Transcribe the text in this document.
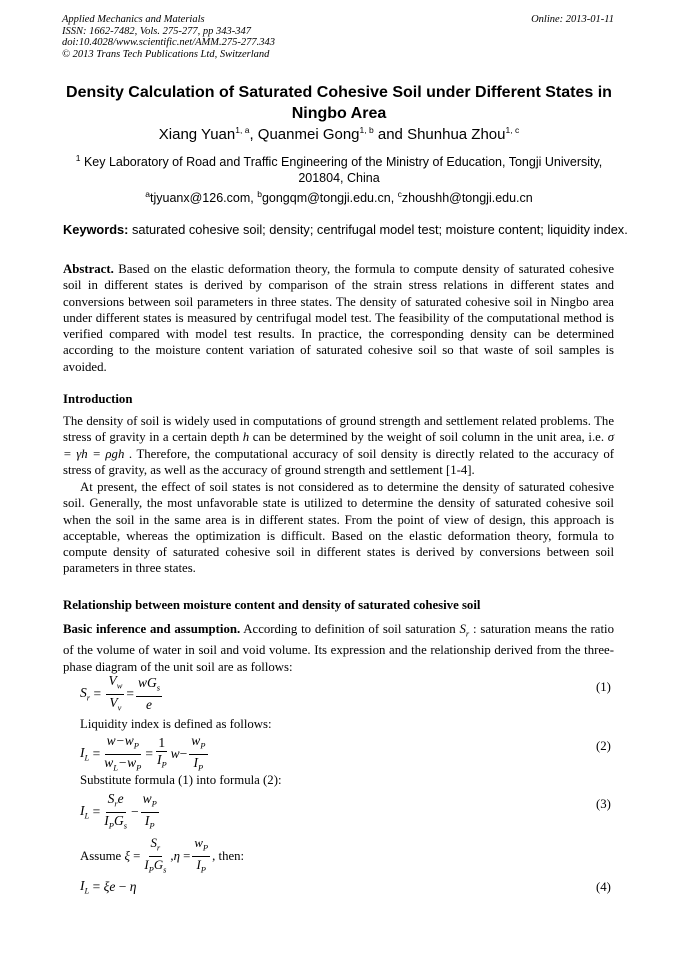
Applied Mechanics and Materials
ISSN: 1662-7482, Vols. 275-277, pp 343-347
doi:10.4028/www.scientific.net/AMM.275-277.343
© 2013 Trans Tech Publications Ltd, Switzerland
Online: 2013-01-11
Density Calculation of Saturated Cohesive Soil under Different States in Ningbo Area
Xiang Yuan$^{1, a}$, Quanmei Gong$^{1, b}$ and Shunhua Zhou$^{1, c}$
$^1$ Key Laboratory of Road and Traffic Engineering of the Ministry of Education, Tongji University, 201804, China
$^a$tjyuanx@126.com, $^b$gongqm@tongji.edu.cn, $^c$zhoushh@tongji.edu.cn
Keywords: saturated cohesive soil; density; centrifugal model test; moisture content; liquidity index.
Abstract. Based on the elastic deformation theory, the formula to compute density of saturated cohesive soil in different states is derived by comparison of the strain stress relations in different states and conversions between soil parameters in three states. The density of saturated cohesive soil in Ningbo area under different states is measured by centrifugal model test. The feasibility of the computational method is verified compared with model test results. In practice, the corresponding density can be determined according to the moisture content variation of saturated cohesive soil so that waste of soil samples is avoided.
Introduction
The density of soil is widely used in computations of ground strength and settlement related problems. The stress of gravity in a certain depth h can be determined by the weight of soil column in the unit area, i.e. σ = γh = ρgh . Therefore, the computational accuracy of soil density is directly related to the accuracy of stress of gravity, as well as the accuracy of ground strength and settlement [1-4].
At present, the effect of soil states is not considered as to determine the density of saturated cohesive soil. Generally, the most unfavorable state is utilized to determine the density of saturated cohesive soil when the soil in the same area is in different states. From the point of view of design, this approach is acceptable, whereas the optimization is difficult. Based on the elastic deformation theory, formula to compute density of saturated cohesive soil in different states is derived by conversions between soil parameters in three states.
Relationship between moisture content and density of saturated cohesive soil
Basic inference and assumption. According to definition of soil saturation $S_r$ : saturation means the ratio of the volume of water in soil and void volume. Its expression and the relationship derived from the three-phase diagram of the unit soil are as follows:
$S_r = \frac{V_w}{V_v} = \frac{wG_s}{e}$	(1)
Liquidity index is defined as follows:
$I_L = \frac{w-w_P}{w_L-w_P} = \frac{1}{I_P}$ $w - \frac{w_P}{I_P}$	(2)
Substitute formula (1) into formula (2):
$I_L = \frac{S_re}{I_PG_s} - \frac{w_P}{I_P}$	(3)
Assume
$\xi = \frac{S_r}{I_PG_s}$ , $\eta = \frac{w_P}{I_P}$ , then:
$I_L = \xi e - \eta$	(4)
